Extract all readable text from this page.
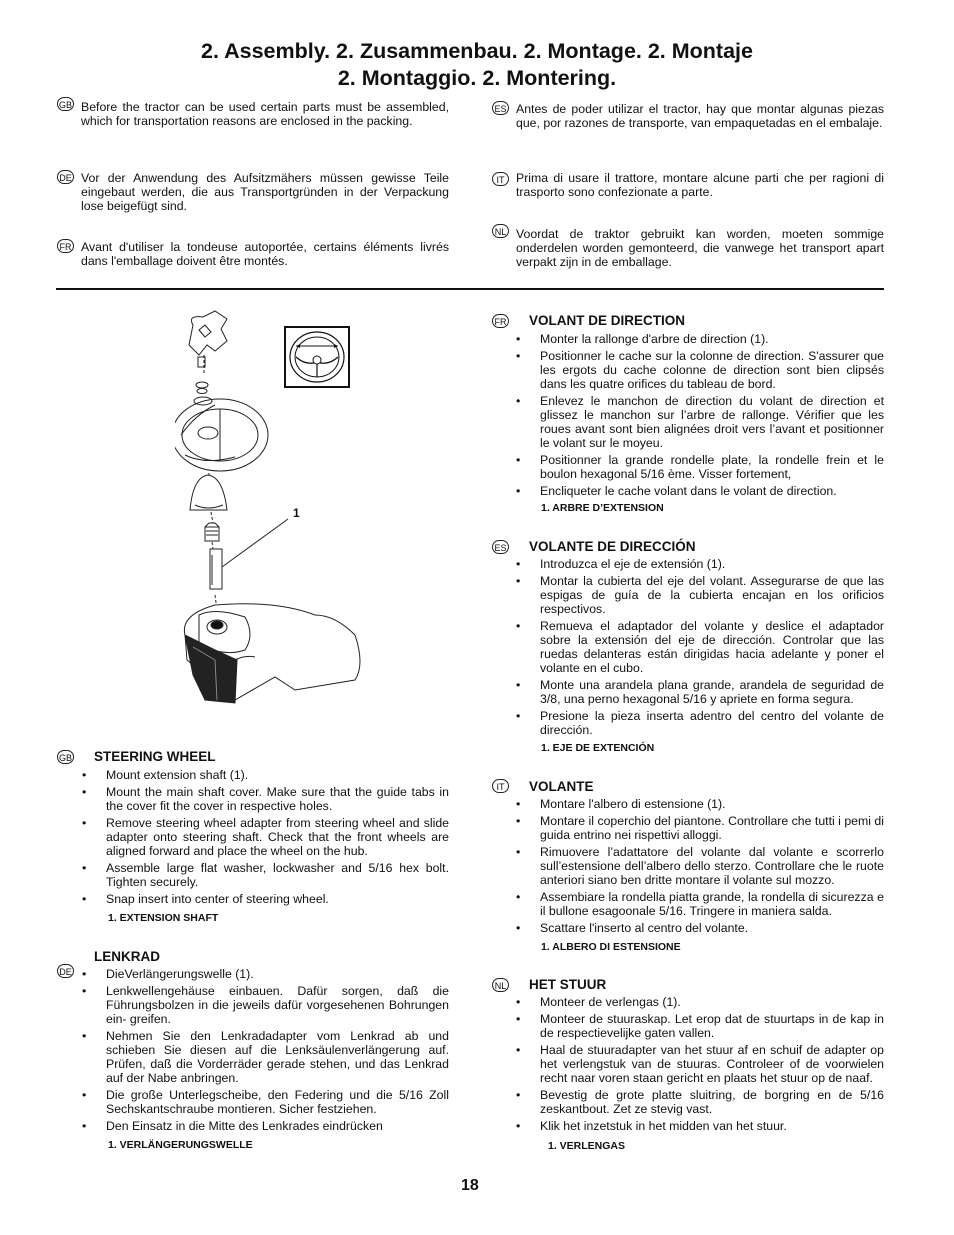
2. Assembly. 2. Zusammenbau. 2. Montage. 2. Montaje
2. Montaggio. 2. Montering.
GB Before the tractor can be used certain parts must be assembled, which for transportation reasons are enclosed in the packing.
DE Vor der Anwendung des Aufsitzmähers müssen gewisse Teile eingebaut werden, die aus Transportgründen in der Verpackung lose beigefügt sind.
FR Avant d'utiliser la tondeuse autoportée, certains éléments livrés dans l'emballage doivent être montés.
ES Antes de poder utilizar el tractor, hay que montar algunas piezas que, por razones de transporte, van empaquetadas en el embalaje.
IT Prima di usare il trattore, montare alcune parti che per ragioni di trasporto sono confezionate a parte.
NL Voordat de traktor gebruikt kan worden, moeten sommige onderdelen worden gemonteerd, die vanwege het transport apart verpakt zijn in de emballage.
1
GB STEERING WHEEL
• Mount extension shaft (1).
• Mount the main shaft cover. Make sure that the guide tabs in the cover fit the cover in respective holes.
• Remove steering wheel adapter from steering wheel and slide adapter onto steering shaft. Check that the front wheels are aligned forward and place the wheel on the hub.
• Assemble large flat washer, lockwasher and 5/16 hex bolt. Tighten securely.
• Snap insert into center of steering wheel.
1. EXTENSION SHAFT
LENKRAD
DE
•	DieVerlängerungswelle (1).
• Lenkwellengehäuse einbauen. Dafür sorgen, daß die Führungsbolzen in die jeweils dafür vorgesehenen Bohrungen ein- greifen.
• Nehmen Sie den Lenkradadapter vom Lenkrad ab und schieben Sie diesen auf die Lenksäulenverlängerung auf. Prüfen, daß die Vorderräder gerade stehen, und das Lenkrad auf der Nabe anbringen.
• Die große Unterlegscheibe, den Federing und die 5/16 Zoll Sechskantschraube montieren. Sicher festziehen.
• Den Einsatz in die Mitte des Lenkrades eindrücken
1. VERLÄNGERUNGSWELLE
FR VOLANT DE DIRECTION
• Monter la rallonge d'arbre de direction (1).
• Positionner le cache sur la colonne de direction. S'assurer que les ergots du cache colonne de direction sont bien clipsés dans les quatre orifices du tableau de bord.
• Enlevez le manchon de direction du volant de direction et glissez le manchon sur l’arbre de rallonge. Vérifier que les roues avant sont bien alignées droit vers l’avant et positionner le volant sur le moyeu.
• Positionner la grande rondelle plate, la rondelle frein et le boulon hexagonal 5/16 ème. Visser fortement,
• Encliqueter le cache volant dans le volant de direction.
1. ARBRE D’EXTENSION
ES VOLANTE DE DIRECCIÓN
• Introduzca el eje de extensión (1).
• Montar la cubierta del eje del volant. Assegurarse de que las espigas de guía de la cubierta encajan en los orificios respectivos.
• Remueva el adaptador del volante y deslice el adaptador sobre la extensión del eje de dirección. Controlar que las ruedas delanteras están dirigidas hacia adelante y poner el volante en el cubo.
• Monte una arandela plana grande, arandela de seguridad de 3/8, una perno hexagonal 5/16 y apriete en forma segura.
• Presione la pieza inserta adentro del centro del volante de dirección.
1. EJE DE EXTENCIÓN
IT	VOLANTE
• Montare l'albero di estensione (1).
• Montare il coperchio del piantone. Controllare che tutti i pemi di guida entrino nei rispettivi alloggi.
• Rimuovere l’adattatore del volante dal volante e scorrerlo sull’estensione dell’albero dello sterzo. Controllare che le ruote anteriori siano ben dritte montare il volante sul mozzo.
• Assembiare la rondella piatta grande, la rondella di sicurezza e il bullone esagoonale 5/16. Tringere in maniera salda.
• Scattare l'inserto al centro del volante.
1. ALBERO DI ESTENSIONE
NL HET STUUR
• Monteer de verlengas (1).
• Monteer de stuuraskap. Let erop dat de stuurtaps in de kap in de respectievelijke gaten vallen.
• Haal de stuuradapter van het stuur af en schuif de adapter op het verlengstuk van de stuuras. Controleer of de voorwielen recht naar voren staan gericht en plaats het stuur op de naaf.
• Bevestig de grote platte sluitring, de borgring en de 5/16 zeskantbout. Zet ze stevig vast.
• Klik het inzetstuk in het midden van het stuur.
1. VERLENGAS
18
